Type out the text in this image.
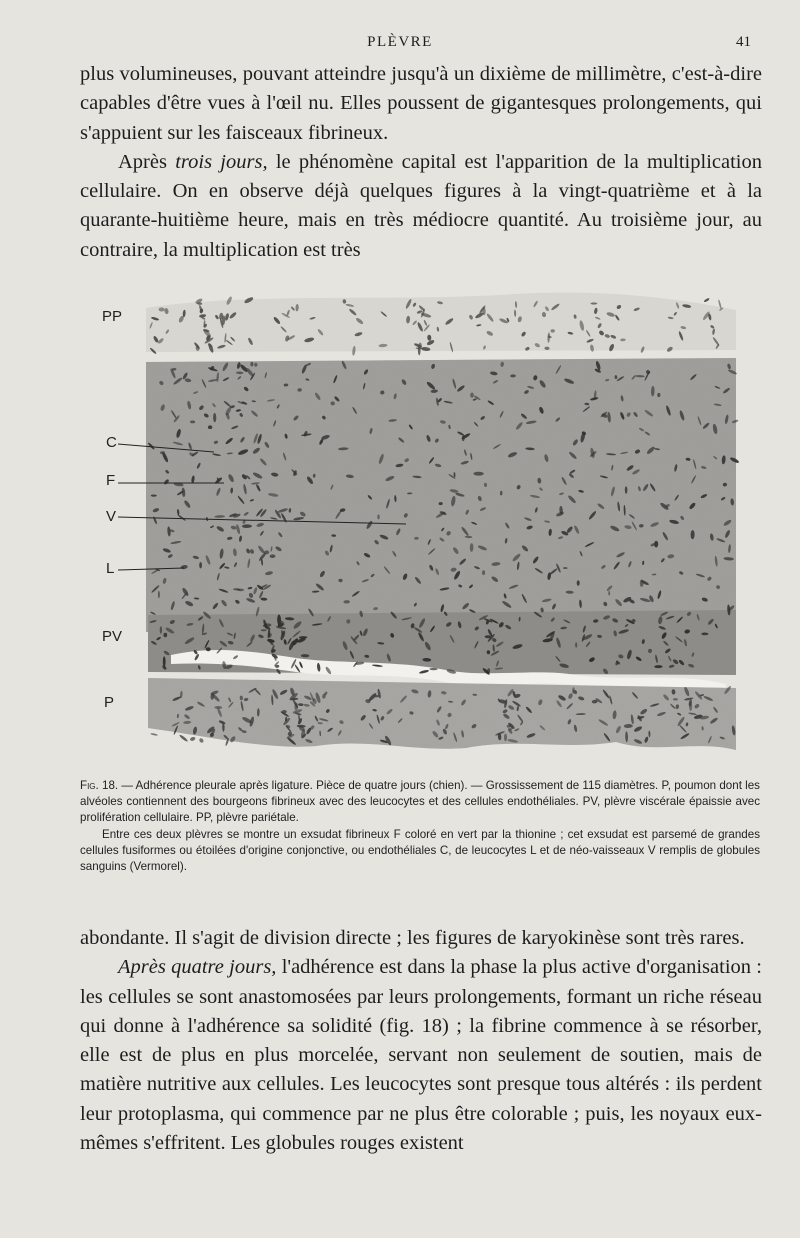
PLÈVRE	41

plus volumineuses, pouvant atteindre jusqu'à un dixième de millimètre, c'est-à-dire capables d'être vues à l'œil nu. Elles poussent de gigantesques prolongements, qui s'appuient sur les faisceaux fibrineux.

Après trois jours, le phénomène capital est l'apparition de la multiplication cellulaire. On en observe déjà quelques figures à la vingt-quatrième et à la quarante-huitième heure, mais en très médiocre quantité. Au troisième jour, au contraire, la multiplication est très

PP
C
F
V
L
PV
P

Fig. 18. — Adhérence pleurale après ligature. Pièce de quatre jours (chien). — Grossissement de 115 diamètres. P, poumon dont les alvéoles contiennent des bourgeons fibrineux avec des leucocytes et des cellules endothéliales. PV, plèvre viscérale épaissie avec prolifération cellulaire. PP, plèvre pariétale.

Entre ces deux plèvres se montre un exsudat fibrineux F coloré en vert par la thionine ; cet exsudat est parsemé de grandes cellules fusiformes ou étoilées d'origine conjonctive, ou endothéliales C, de leucocytes L et de néo-vaisseaux V remplis de globules sanguins (Vermorel).

abondante. Il s'agit de division directe ; les figures de karyokinèse sont très rares.

Après quatre jours, l'adhérence est dans la phase la plus active d'organisation : les cellules se sont anastomosées par leurs prolongements, formant un riche réseau qui donne à l'adhérence sa solidité (fig. 18) ; la fibrine commence à se résorber, elle est de plus en plus morcelée, servant non seulement de soutien, mais de matière nutritive aux cellules. Les leucocytes sont presque tous altérés : ils perdent leur protoplasma, qui commence par ne plus être colorable ; puis, les noyaux eux-mêmes s'effritent. Les globules rouges existent
